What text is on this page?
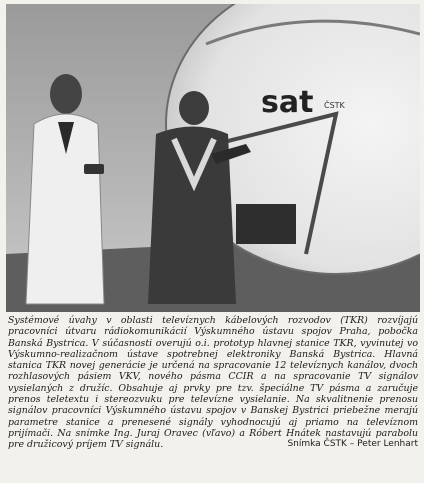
sat ČSTK
Systémové úvahy v oblasti televíznych kábelových rozvodov (TKR) rozvíjajú pracovníci útvaru rádiokomunikácií Výskumného ústavu spojov Praha, pobočka Banská Bystrica. V súčasnosti overujú o.i. prototyp hlavnej stanice TKR, vyvinutej vo Výskumno-realizačnom ústave spotrebnej elektroniky Banská Bystrica. Hlavná stanica TKR novej generácie je určená na spracovanie 12 televíznych kanálov, dvoch rozhlasových pásiem VKV, nového pásma CCIR a na spracovanie TV signálov vysielaných z družíc. Obsahuje aj prvky pre tzv. špeciálne TV pásma a zaručuje prenos teletextu i stereozvuku pre televízne vysielanie. Na skvalitnenie prenosu signálov pracovníci Výskumného ústavu spojov v Banskej Bystrici priebežne merajú parametre stanice a prenesené signály vyhodnocujú aj priamo na televíznom prijímači. Na snímke Ing. Juraj Oravec (vľavo) a Róbert Hnátek nastavujú parabolu pre družicový príjem TV signálu.	Snímka ČSTK – Peter Lenhart
